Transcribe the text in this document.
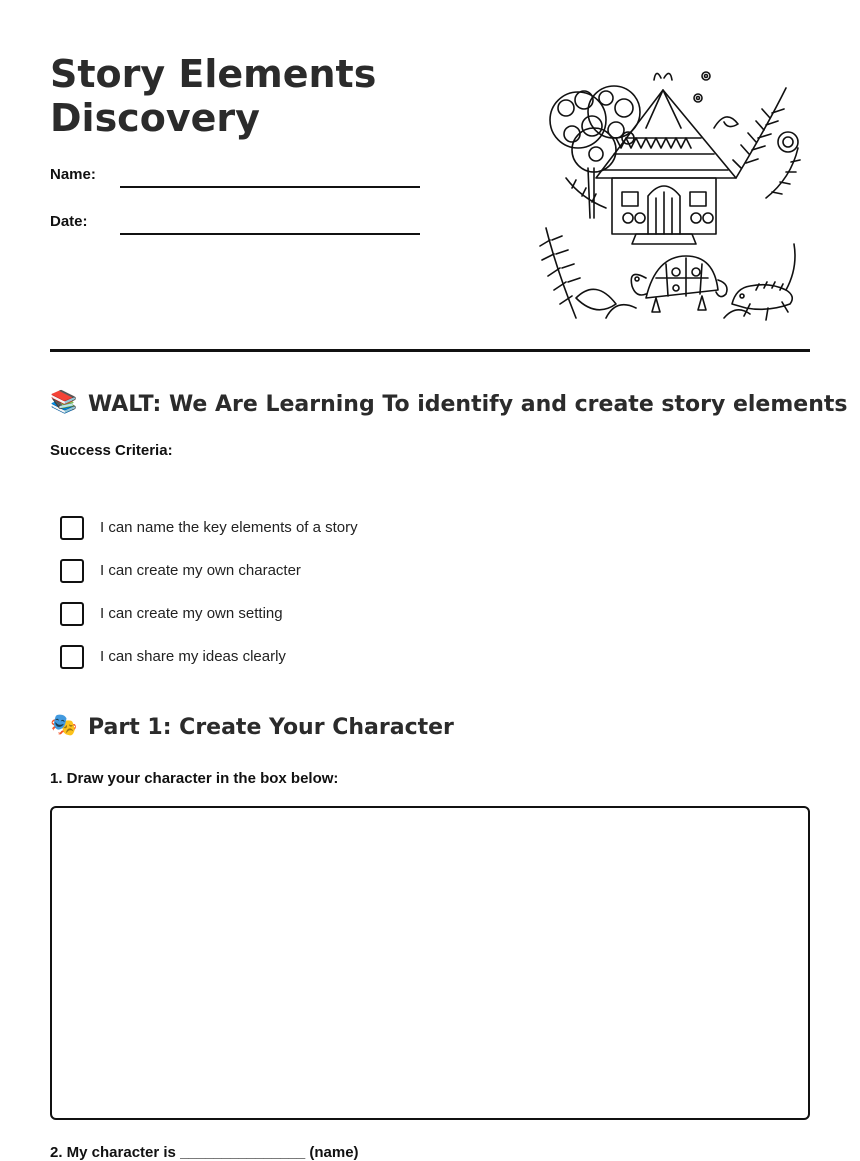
Story Elements
Discovery
Name:
Date:
📚 WALT: We Are Learning To identify and create story elements
Success Criteria:
I can name the key elements of a story
I can create my own character
I can create my own setting
I can share my ideas clearly
🎭 Part 1: Create Your Character
1. Draw your character in the box below:
2. My character is _______________ (name)
